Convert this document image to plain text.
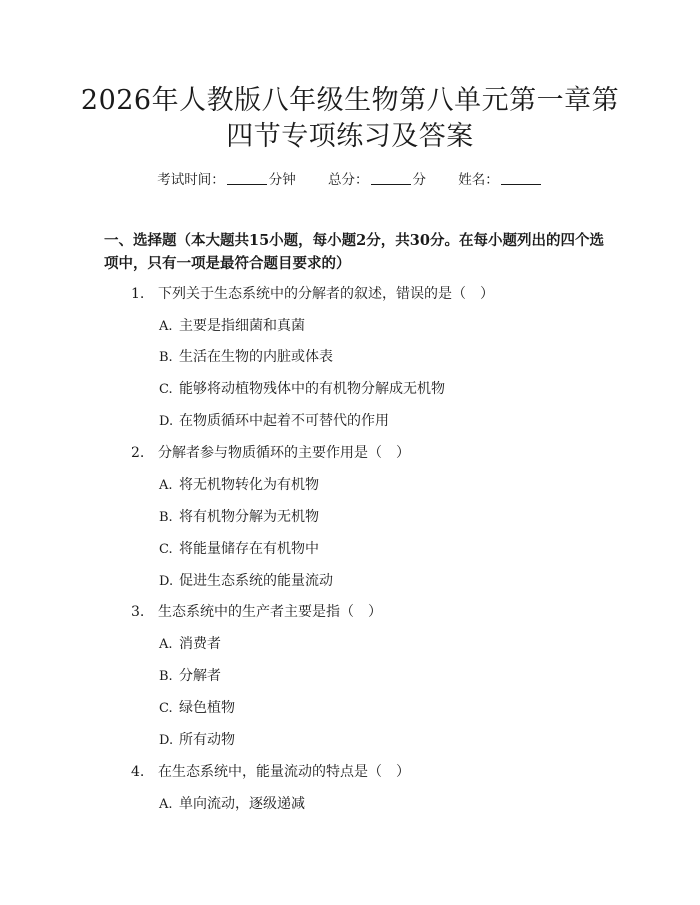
2026年人教版八年级生物第八单元第一章第
四节专项练习及答案
考试时间：	分钟 总分：	分 姓名：
一、选择题（本大题共15小题，每小题2分，共30分。在每小题列出的四个选项中，只有一项是最符合题目要求的）
1. 下列关于生态系统中的分解者的叙述，错误的是（　）
A. 主要是指细菌和真菌
B. 生活在生物的内脏或体表
C. 能够将动植物残体中的有机物分解成无机物
D. 在物质循环中起着不可替代的作用
2. 分解者参与物质循环的主要作用是（　）
A. 将无机物转化为有机物
B. 将有机物分解为无机物
C. 将能量储存在有机物中
D. 促进生态系统的能量流动
3. 生态系统中的生产者主要是指（　）
A. 消费者
B. 分解者
C. 绿色植物
D. 所有动物
4. 在生态系统中，能量流动的特点是（　）
A. 单向流动，逐级递减
